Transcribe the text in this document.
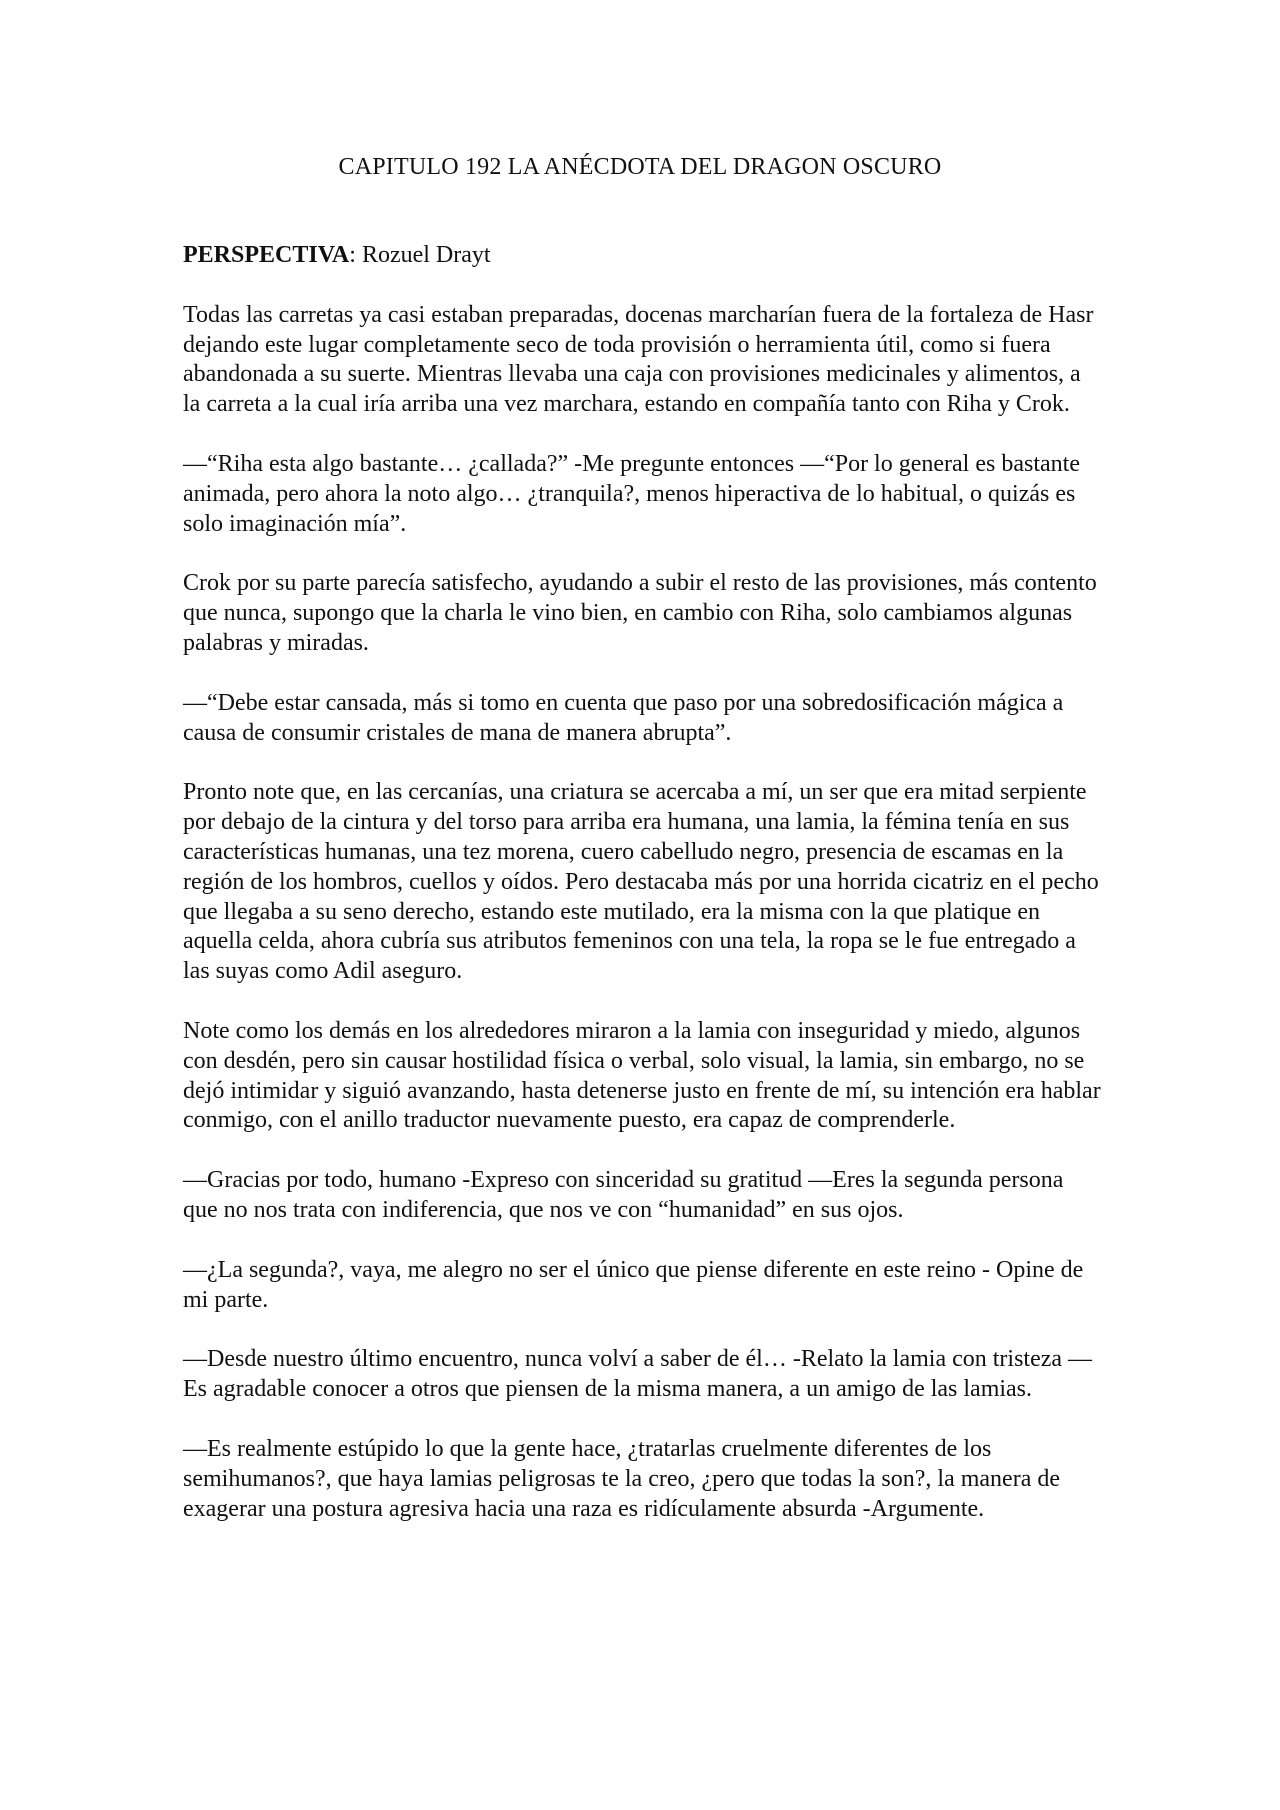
CAPITULO 192 LA ANÉCDOTA DEL DRAGON OSCURO

PERSPECTIVA: Rozuel Drayt

Todas las carretas ya casi estaban preparadas, docenas marcharían fuera de la fortaleza de Hasr dejando este lugar completamente seco de toda provisión o herramienta útil, como si fuera abandonada a su suerte. Mientras llevaba una caja con provisiones medicinales y alimentos, a la carreta a la cual iría arriba una vez marchara, estando en compañía tanto con Riha y Crok.

—“Riha esta algo bastante… ¿callada?” -Me pregunte entonces —“Por lo general es bastante animada, pero ahora la noto algo… ¿tranquila?, menos hiperactiva de lo habitual, o quizás es solo imaginación mía”.

Crok por su parte parecía satisfecho, ayudando a subir el resto de las provisiones, más contento que nunca, supongo que la charla le vino bien, en cambio con Riha, solo cambiamos algunas palabras y miradas.

—“Debe estar cansada, más si tomo en cuenta que paso por una sobredosificación mágica a causa de consumir cristales de mana de manera abrupta”.

Pronto note que, en las cercanías, una criatura se acercaba a mí, un ser que era mitad serpiente por debajo de la cintura y del torso para arriba era humana, una lamia, la fémina tenía en sus características humanas, una tez morena, cuero cabelludo negro, presencia de escamas en la región de los hombros, cuellos y oídos. Pero destacaba más por una horrida cicatriz en el pecho que llegaba a su seno derecho, estando este mutilado, era la misma con la que platique en aquella celda, ahora cubría sus atributos femeninos con una tela, la ropa se le fue entregado a las suyas como Adil aseguro.

Note como los demás en los alrededores miraron a la lamia con inseguridad y miedo, algunos con desdén, pero sin causar hostilidad física o verbal, solo visual, la lamia, sin embargo, no se dejó intimidar y siguió avanzando, hasta detenerse justo en frente de mí, su intención era hablar conmigo, con el anillo traductor nuevamente puesto, era capaz de comprenderle.

—Gracias por todo, humano -Expreso con sinceridad su gratitud —Eres la segunda persona que no nos trata con indiferencia, que nos ve con “humanidad” en sus ojos.

—¿La segunda?, vaya, me alegro no ser el único que piense diferente en este reino - Opine de mi parte.

—Desde nuestro último encuentro, nunca volví a saber de él… -Relato la lamia con tristeza —Es agradable conocer a otros que piensen de la misma manera, a un amigo de las lamias.

—Es realmente estúpido lo que la gente hace, ¿tratarlas cruelmente diferentes de los semihumanos?, que haya lamias peligrosas te la creo, ¿pero que todas la son?, la manera de exagerar una postura agresiva hacia una raza es ridículamente absurda -Argumente.
